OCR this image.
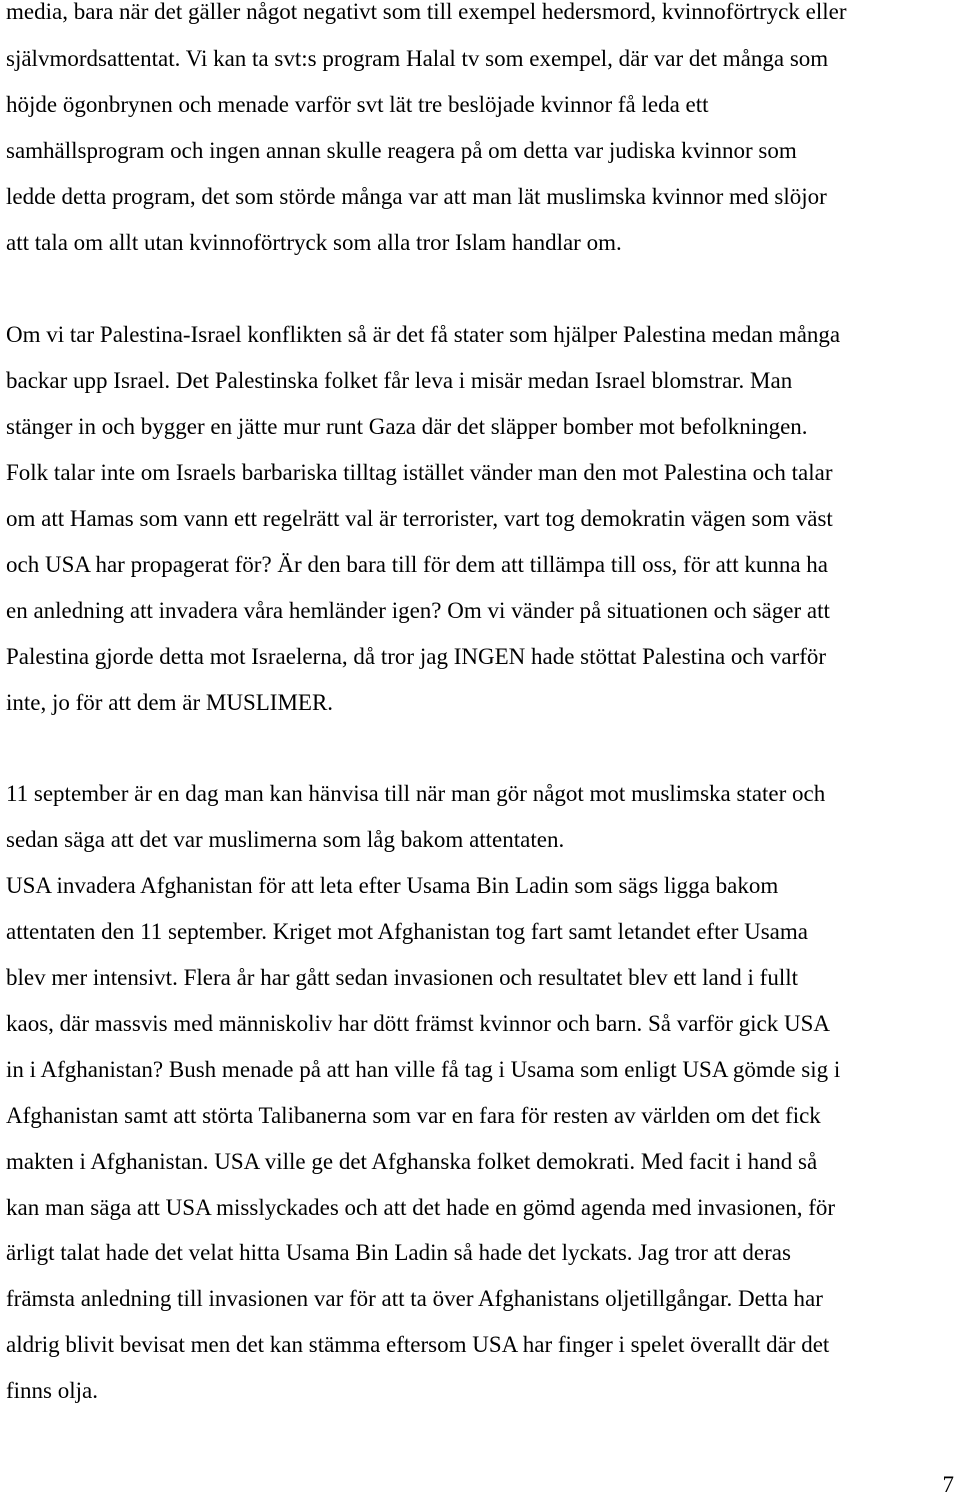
media, bara när det gäller något negativt som till exempel hedersmord, kvinnoförtryck eller
självmordsattentat. Vi kan ta svt:s program Halal tv som exempel, där var det många som
höjde ögonbrynen och menade varför svt lät tre beslöjade kvinnor få leda ett
samhällsprogram och ingen annan skulle reagera på om detta var judiska kvinnor som
ledde detta program, det som störde många var att man lät muslimska kvinnor med slöjor
att tala om allt utan kvinnoförtryck som alla tror Islam handlar om.
Om vi tar Palestina-Israel konflikten så är det få stater som hjälper Palestina medan många
backar upp Israel. Det Palestinska folket får leva i misär medan Israel blomstrar. Man
stänger in och bygger en jätte mur runt Gaza där det släpper bomber mot befolkningen.
Folk talar inte om Israels barbariska tilltag istället vänder man den mot Palestina och talar
om att Hamas som vann ett regelrätt val är terrorister, vart tog demokratin vägen som väst
och USA har propagerat för? Är den bara till för dem att tillämpa till oss, för att kunna ha
en anledning att invadera våra hemländer igen? Om vi vänder på situationen och säger att
Palestina gjorde detta mot Israelerna, då tror jag INGEN hade stöttat Palestina och varför
inte, jo för att dem är MUSLIMER.
11 september är en dag man kan hänvisa till när man gör något mot muslimska stater och
sedan säga att det var muslimerna som låg bakom attentaten.
USA invadera Afghanistan för att leta efter Usama Bin Ladin som sägs ligga bakom
attentaten den 11 september. Kriget mot Afghanistan tog fart samt letandet efter Usama
blev mer intensivt. Flera år har gått sedan invasionen och resultatet blev ett land i fullt
kaos, där massvis med människoliv har dött främst kvinnor och barn. Så varför gick USA
in i Afghanistan? Bush menade på att han ville få tag i Usama som enligt USA gömde sig i
Afghanistan samt att störta Talibanerna som var en fara för resten av världen om det fick
makten i Afghanistan. USA ville ge det Afghanska folket demokrati. Med facit i hand så
kan man säga att USA misslyckades och att det hade en gömd agenda med invasionen, för
ärligt talat hade det velat hitta Usama Bin Ladin så hade det lyckats. Jag tror att deras
främsta anledning till invasionen var för att ta över Afghanistans oljetillgångar. Detta har
aldrig blivit bevisat men det kan stämma eftersom USA har finger i spelet överallt där det
finns olja.
7
